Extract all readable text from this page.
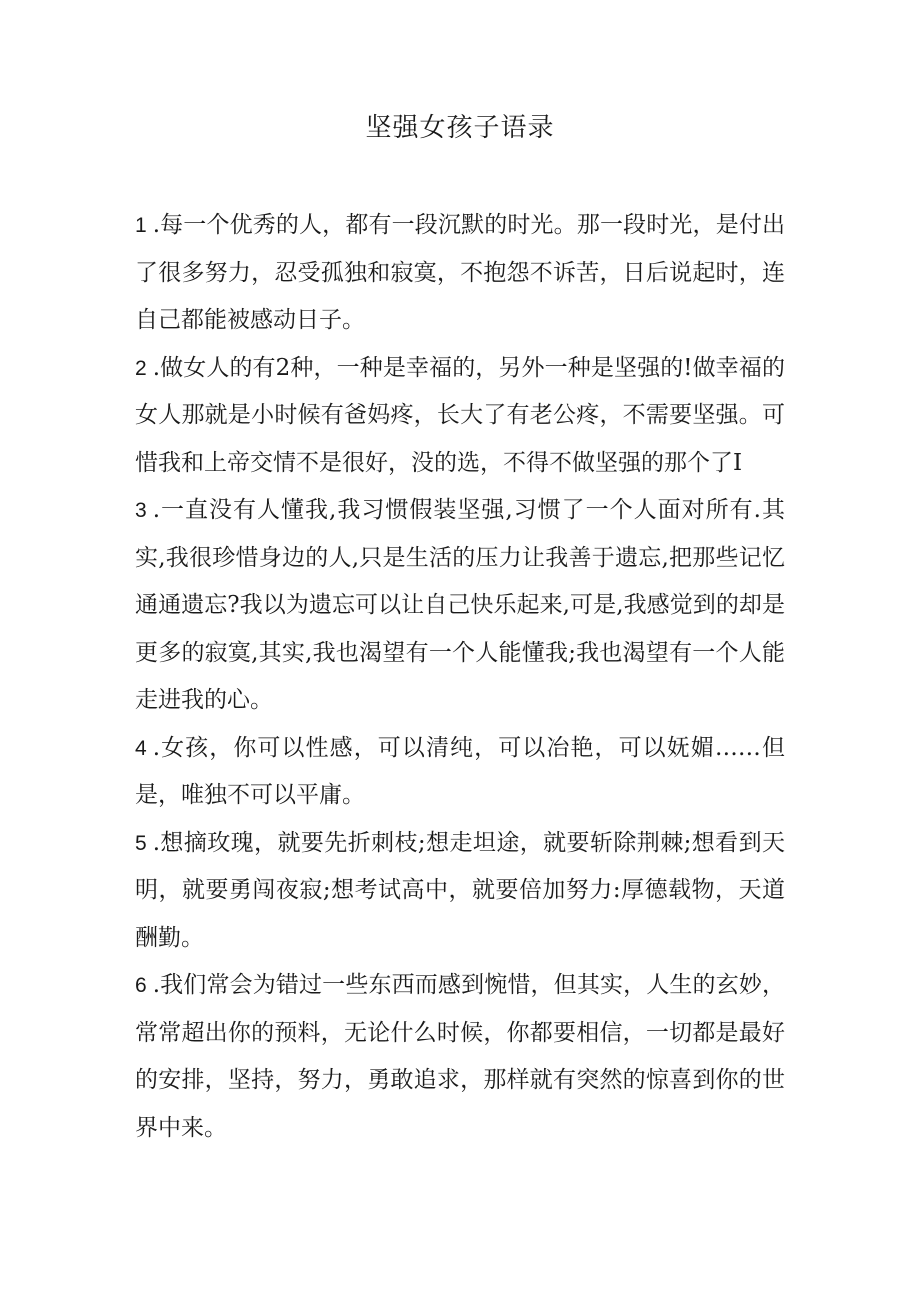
坚强女孩子语录

1 .每一个优秀的人，都有一段沉默的时光。那一段时光，是付出了很多努力，忍受孤独和寂寞，不抱怨不诉苦，日后说起时，连自己都能被感动日子。

2 .做女人的有2种，一种是幸福的，另外一种是坚强的!做幸福的女人那就是小时候有爸妈疼，长大了有老公疼，不需要坚强。可惜我和上帝交情不是很好，没的选，不得不做坚强的那个了I

3 .一直没有人懂我,我习惯假装坚强,习惯了一个人面对所有.其实,我很珍惜身边的人,只是生活的压力让我善于遗忘,把那些记忆通通遗忘?我以为遗忘可以让自己快乐起来,可是,我感觉到的却是更多的寂寞,其实,我也渴望有一个人能懂我;我也渴望有一个人能走进我的心。

4 .女孩，你可以性感，可以清纯，可以冶艳，可以妩媚……但是，唯独不可以平庸。

5 .想摘玫瑰，就要先折刺枝;想走坦途，就要斩除荆棘;想看到天明，就要勇闯夜寂;想考试高中，就要倍加努力:厚德载物，天道酬勤。

6 .我们常会为错过一些东西而感到惋惜，但其实，人生的玄妙，常常超出你的预料，无论什么时候，你都要相信，一切都是最好的安排，坚持，努力，勇敢追求，那样就有突然的惊喜到你的世界中来。
